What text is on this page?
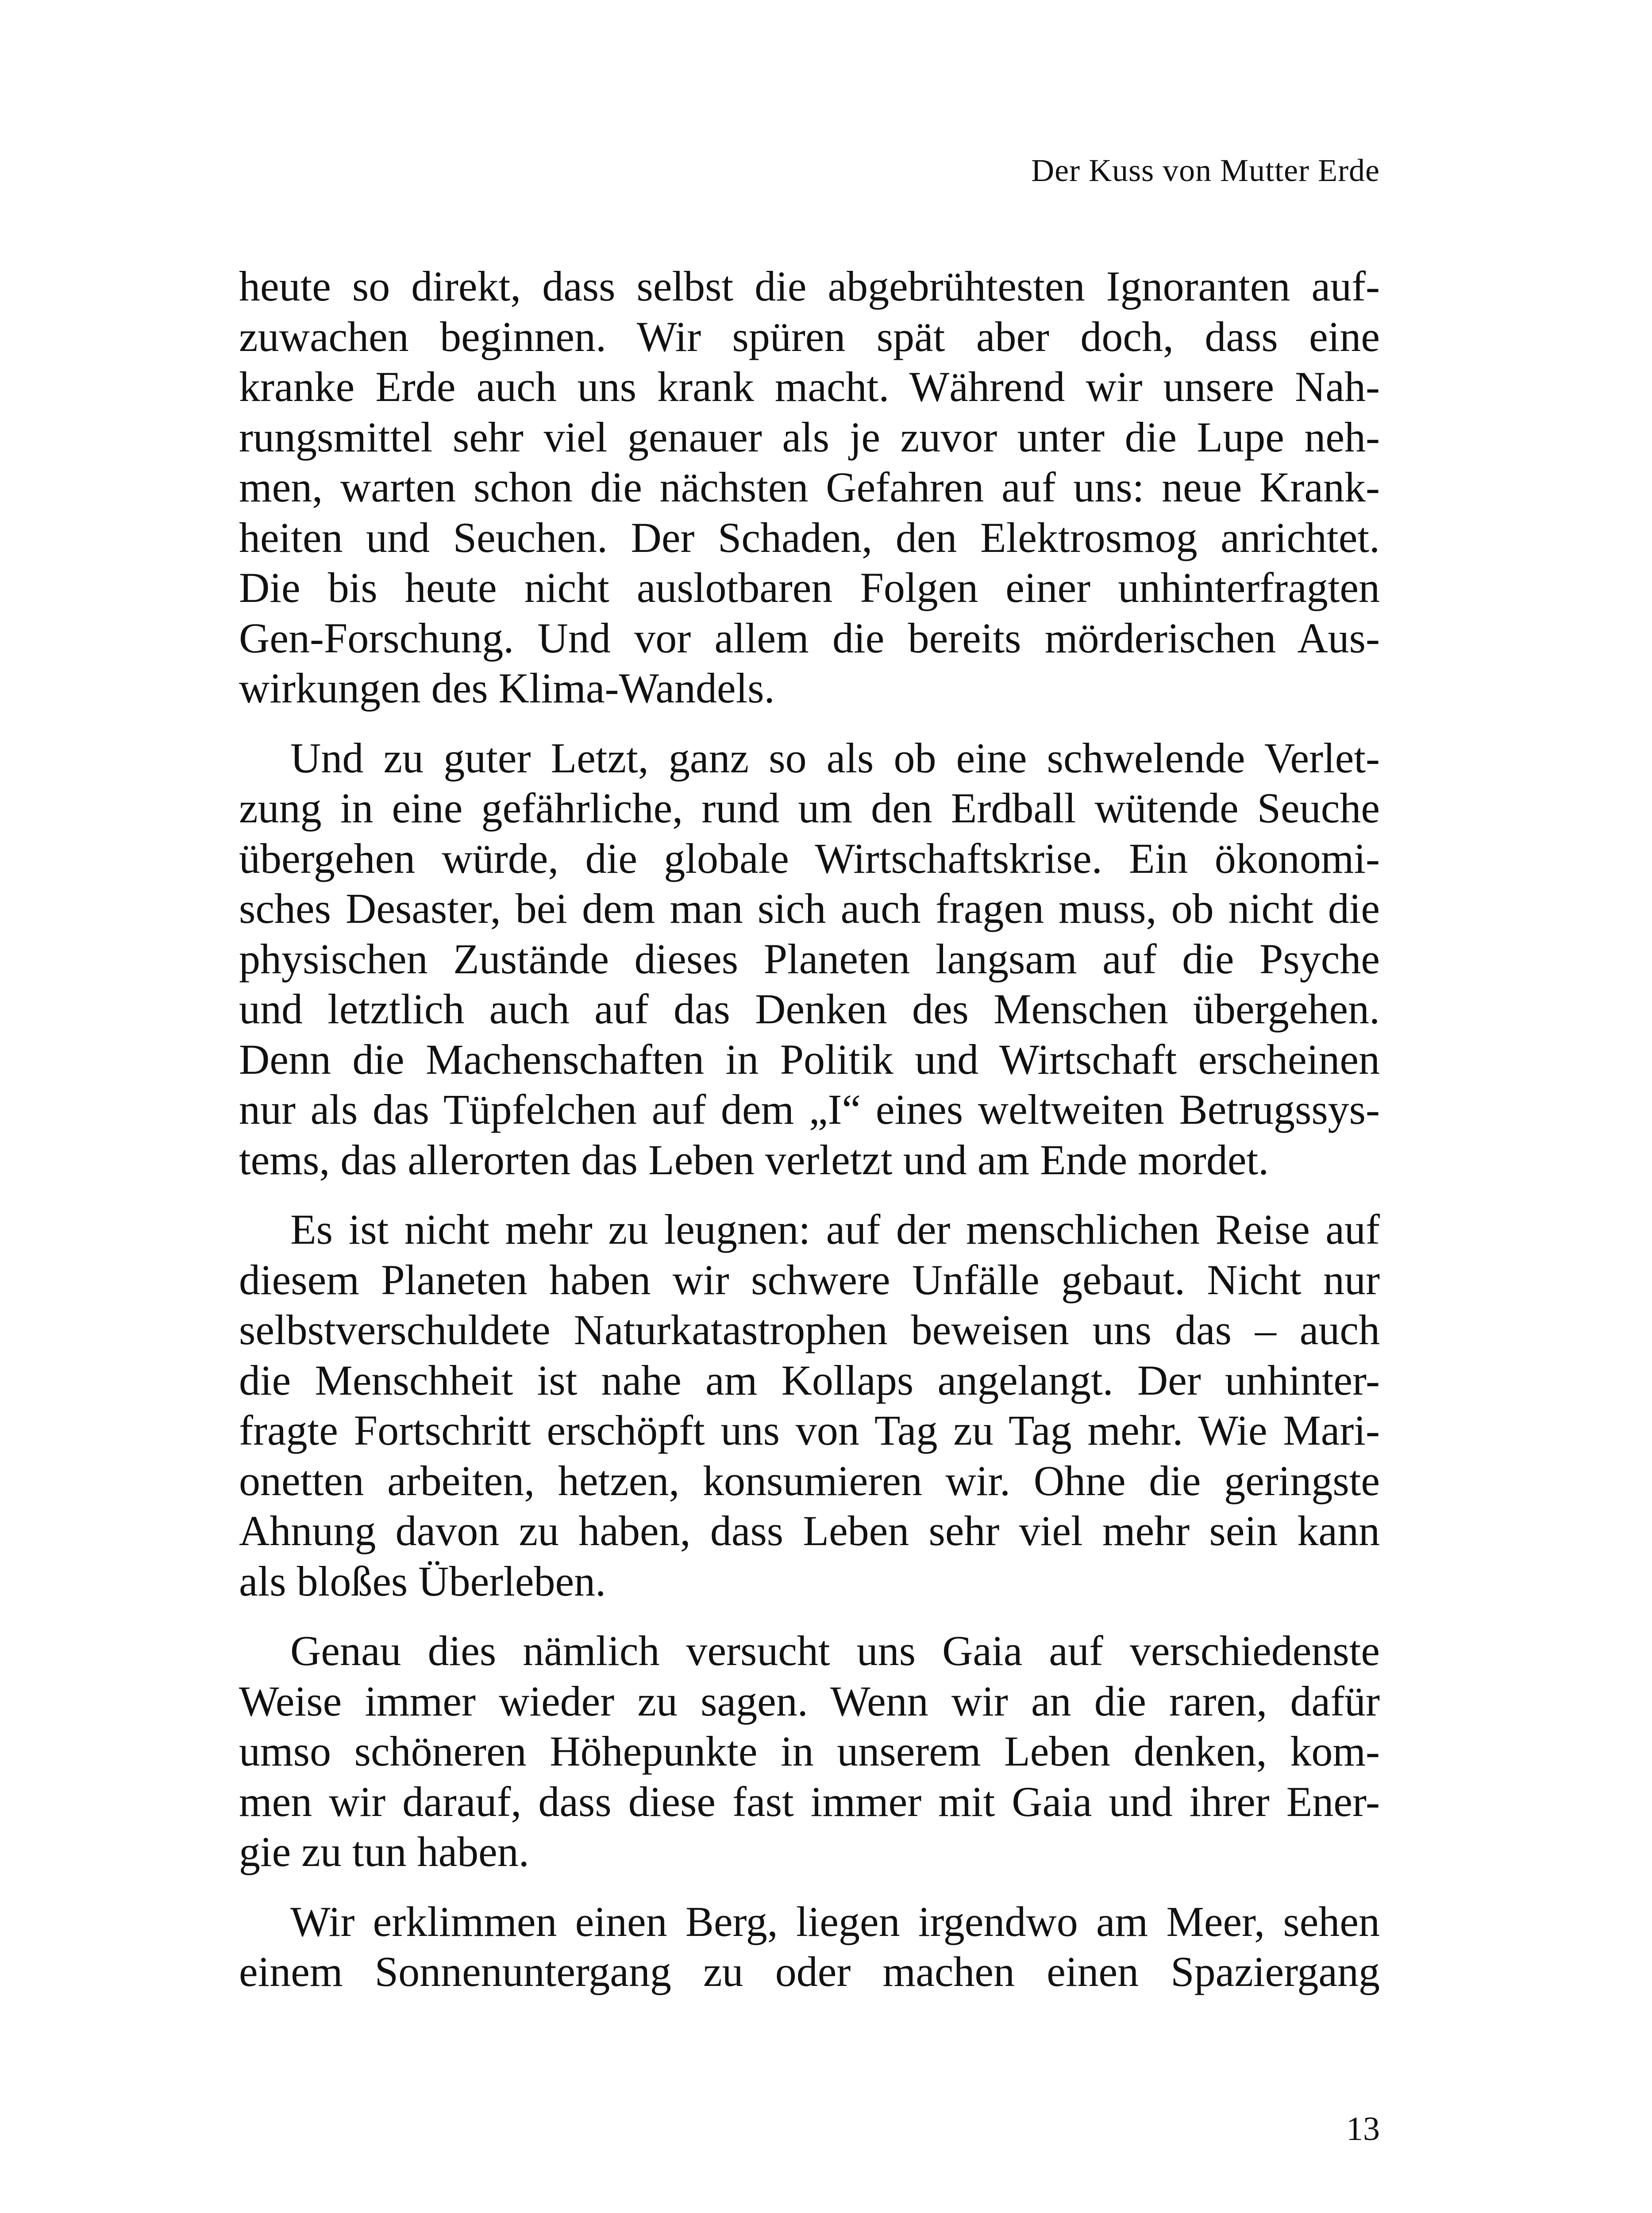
Der Kuss von Mutter Erde
heute so direkt, dass selbst die abgebrühtesten Ignoranten auf-
zuwachen beginnen. Wir spüren spät aber doch, dass eine
kranke Erde auch uns krank macht. Während wir unsere Nah-
rungsmittel sehr viel genauer als je zuvor unter die Lupe neh-
men, warten schon die nächsten Gefahren auf uns: neue Krank-
heiten und Seuchen. Der Schaden, den Elektrosmog anrichtet.
Die bis heute nicht auslotbaren Folgen einer unhinterfragten
Gen-Forschung. Und vor allem die bereits mörderischen Aus-
wirkungen des Klima-Wandels.
Und zu guter Letzt, ganz so als ob eine schwelende Verlet-
zung in eine gefährliche, rund um den Erdball wütende Seuche
übergehen würde, die globale Wirtschaftskrise. Ein ökonomi-
sches Desaster, bei dem man sich auch fragen muss, ob nicht die
physischen Zustände dieses Planeten langsam auf die Psyche
und letztlich auch auf das Denken des Menschen übergehen.
Denn die Machenschaften in Politik und Wirtschaft erscheinen
nur als das Tüpfelchen auf dem „I“ eines weltweiten Betrugssys-
tems, das allerorten das Leben verletzt und am Ende mordet.
Es ist nicht mehr zu leugnen: auf der menschlichen Reise auf
diesem Planeten haben wir schwere Unfälle gebaut. Nicht nur
selbstverschuldete Naturkatastrophen beweisen uns das – auch
die Menschheit ist nahe am Kollaps angelangt. Der unhinter-
fragte Fortschritt erschöpft uns von Tag zu Tag mehr. Wie Mari-
onetten arbeiten, hetzen, konsumieren wir. Ohne die geringste
Ahnung davon zu haben, dass Leben sehr viel mehr sein kann
als bloßes Überleben.
Genau dies nämlich versucht uns Gaia auf verschiedenste
Weise immer wieder zu sagen. Wenn wir an die raren, dafür
umso schöneren Höhepunkte in unserem Leben denken, kom-
men wir darauf, dass diese fast immer mit Gaia und ihrer Ener-
gie zu tun haben.
Wir erklimmen einen Berg, liegen irgendwo am Meer, sehen
einem Sonnenuntergang zu oder machen einen Spaziergang
13
